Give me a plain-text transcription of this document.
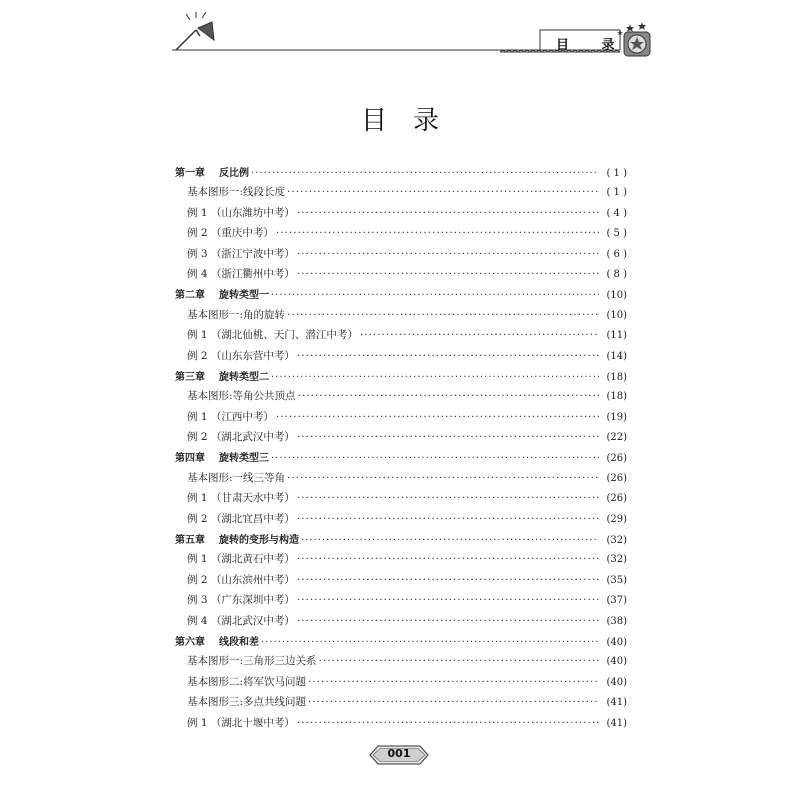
目 录
目录
第一章 反比例 ·····	( 1 )
基本图形一:线段长度 ·····	( 1 )
例 1 （山东潍坊中考） ·····	( 4 )
例 2 （重庆中考） ·····	( 5 )
例 3 （浙江宁波中考） ·····	( 6 )
例 4 （浙江衢州中考） ·····	( 8 )
第二章 旋转类型一 ·····	(10)
基本图形一:角的旋转 ·····	(10)
例 1 （湖北仙桃、天门、潜江中考） ·····	(11)
例 2 （山东东营中考） ·····	(14)
第三章 旋转类型二 ·····	(18)
基本图形:等角公共顶点 ·····	(18)
例 1 （江西中考） ·····	(19)
例 2 （湖北武汉中考） ·····	(22)
第四章 旋转类型三 ·····	(26)
基本图形:一线三等角 ·····	(26)
例 1 （甘肃天水中考） ·····	(26)
例 2 （湖北宜昌中考） ·····	(29)
第五章 旋转的变形与构造 ·····	(32)
例 1 （湖北黄石中考） ·····	(32)
例 2 （山东滨州中考） ·····	(35)
例 3 （广东深圳中考） ·····	(37)
例 4 （湖北武汉中考） ·····	(38)
第六章 线段和差 ·····	(40)
基本图形一:三角形三边关系 ·····	(40)
基本图形二:将军饮马问题 ·····	(40)
基本图形三:多点共线问题 ·····	(41)
例 1 （湖北十堰中考） ·····	(41)
001
